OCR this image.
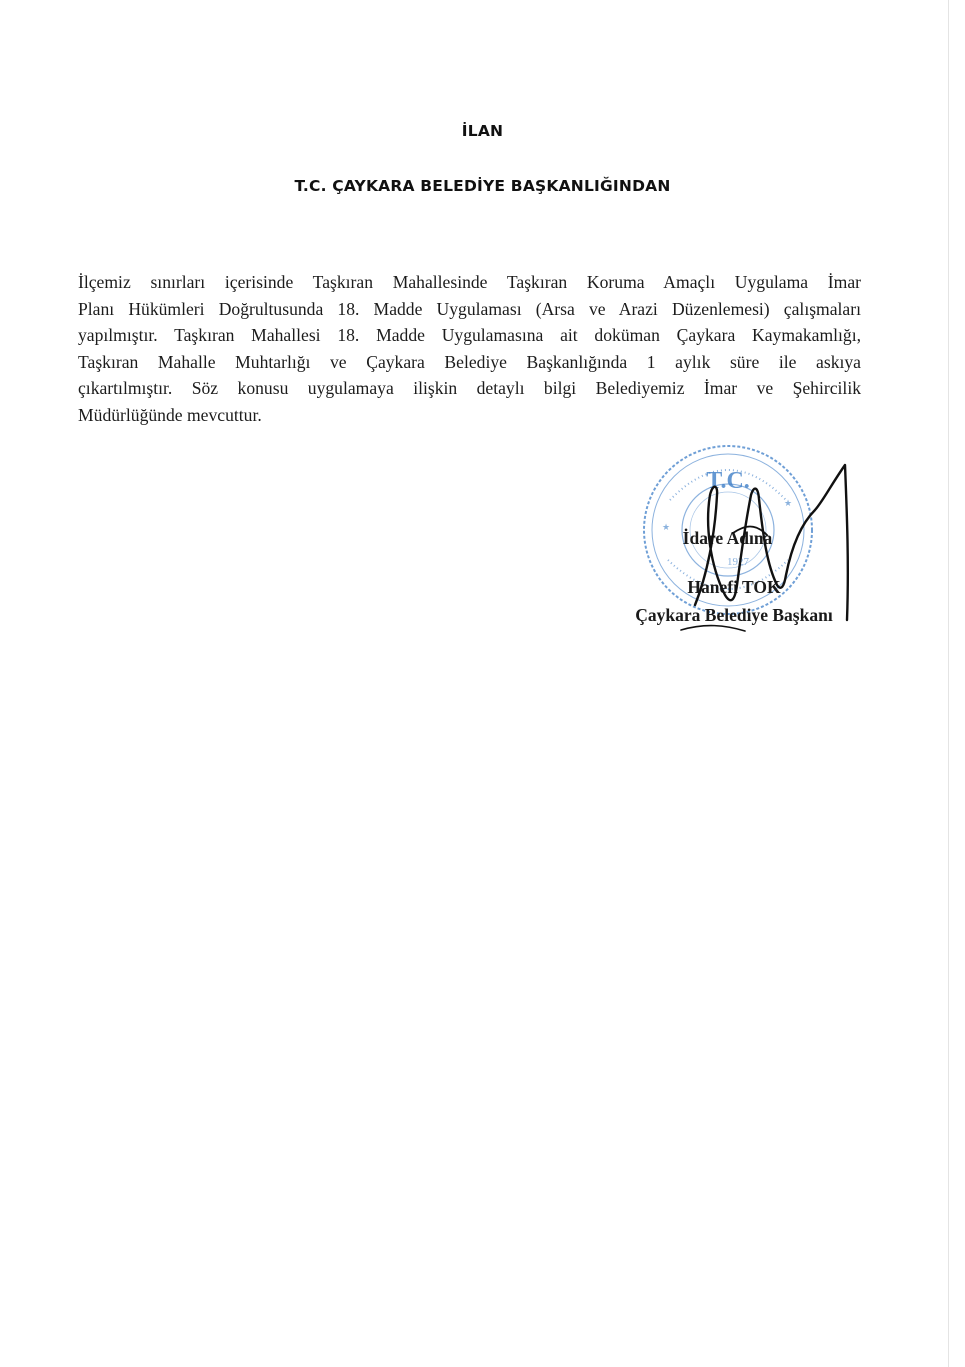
İLAN
T.C. ÇAYKARA BELEDİYE BAŞKANLIĞINDAN
İlçemiz sınırları içerisinde Taşkıran Mahallesinde Taşkıran Koruma Amaçlı Uygulama İmar
Planı Hükümleri Doğrultusunda 18. Madde Uygulaması (Arsa ve Arazi Düzenlemesi) çalışmaları
yapılmıştır. Taşkıran Mahallesi 18. Madde Uygulamasına ait doküman Çaykara Kaymakamlığı,
Taşkıran Mahalle Muhtarlığı ve Çaykara Belediye Başkanlığında 1 aylık süre ile askıya
çıkartılmıştır. Söz konusu uygulamaya ilişkin detaylı bilgi Belediyemiz İmar ve Şehircilik
Müdürlüğünde mevcuttur.
T.C.
1927
★
★
İdare Adına
Hanefi TOK
Çaykara Belediye Başkanı
